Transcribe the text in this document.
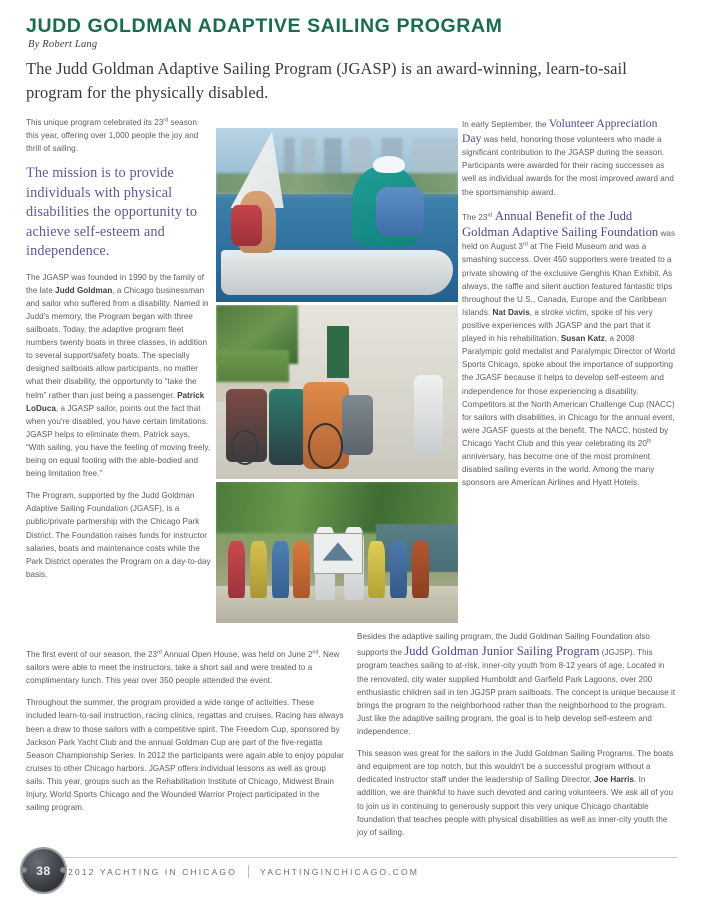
JUDD GOLDMAN ADAPTIVE SAILING PROGRAM
By Robert Lang
The Judd Goldman Adaptive Sailing Program (JGASP) is an award-winning, learn-to-sail program for the physically disabled.

This unique program celebrated its 23rd season this year, offering over 1,000 people the joy and thrill of sailing.

The mission is to provide individuals with physical disabilities the opportunity to achieve self-esteem and independence.

The JGASP was founded in 1990 by the family of the late Judd Goldman, a Chicago businessman and sailor who suffered from a disability. Named in Judd's memory, the Program began with three sailboats. Today, the adaptive program fleet numbers twenty boats in three classes, in addition to several support/safety boats. The specially designed sailboats allow participants, no matter what their disability, the opportunity to “take the helm” rather than just being a passenger. Patrick LoDuca, a JGASP sailor, points out the fact that when you're disabled, you have certain limitations. JGASP helps to eliminate them. Patrick says, “With sailing, you have the feeling of moving freely, being on equal footing with the able-bodied and being limitation free.”

The Program, supported by the Judd Goldman Adaptive Sailing Foundation (JGASF), is a public/private partnership with the Chicago Park District. The Foundation raises funds for instructor salaries, boats and maintenance costs while the Park District operates the Program on a day-to-day basis.

In early September, the Volunteer Appreciation Day was held, honoring those volunteers who made a significant contribution to the JGASP during the season. Participants were awarded for their racing successes as well as individual awards for the most improved award and the sportsmanship award.

The 23rd Annual Benefit of the Judd Goldman Adaptive Sailing Foundation was held on August 3rd at The Field Museum and was a smashing success. Over 450 supporters were treated to a private showing of the exclusive Genghis Khan Exhibit. As always, the raffle and silent auction featured fantastic trips throughout the U.S., Canada, Europe and the Caribbean Islands. Nat Davis, a stroke victim, spoke of his very positive experiences with JGASP and the part that it played in his rehabilitation. Susan Katz, a 2008 Paralympic gold medalist and Paralympic Director of World Sports Chicago, spoke about the importance of supporting the JGASF because it helps to develop self-esteem and independence for those experiencing a disability. Competitors at the North American Challenge Cup (NACC) for sailors with disabilities, in Chicago for the annual event, were JGASF guests at the benefit. The NACC, hosted by Chicago Yacht Club and this year celebrating its 20th anniversary, has become one of the most prominent disabled sailing events in the world. Among the many sponsors are American Airlines and Hyatt Hotels.

The first event of our season, the 23rd Annual Open House, was held on June 2nd. New sailors were able to meet the instructors, take a short sail and were treated to a complimentary lunch. This year over 350 people attended the event.

Throughout the summer, the program provided a wide range of activities. These included learn-to-sail instruction, racing clinics, regattas and cruises. Racing has always been a draw to those sailors with a competitive spirit. The Freedom Cup, sponsored by Jackson Park Yacht Club and the annual Goldman Cup are part of the five-regatta Season Championship Series. In 2012 the participants were again able to enjoy popular cruises to other Chicago harbors. JGASP offers individual lessons as well as group sails. This year, groups such as the Rehabilitation Institute of Chicago, Midwest Brain Injury, World Sports Chicago and the Wounded Warrior Project participated in the sailing program.

Besides the adaptive sailing program, the Judd Goldman Sailing Foundation also supports the Judd Goldman Junior Sailing Program (JGJSP). This program teaches sailing to at-risk, inner-city youth from 8-12 years of age. Located in the renovated, city water supplied Humboldt and Garfield Park Lagoons, over 200 enthusiastic children sail in ten JGJSP pram sailboats. The concept is unique because it brings the program to the neighborhood rather than the neighborhood to the program. Just like the adaptive sailing program, the goal is to help develop self-esteem and independence.

This season was great for the sailors in the Judd Goldman Sailing Programs. The boats and equipment are top notch, but this wouldn't be a successful program without a dedicated instructor staff under the leadership of Sailing Director, Joe Harris. In addition, we are thankful to have such devoted and caring volunteers. We ask all of you to join us in continuing to generously support this very unique Chicago charitable foundation that teaches people with physical disabilities as well as inner-city youth the joy of sailing.

38 2012 YACHTING IN CHICAGO	YACHTINGINCHICAGO.COM
